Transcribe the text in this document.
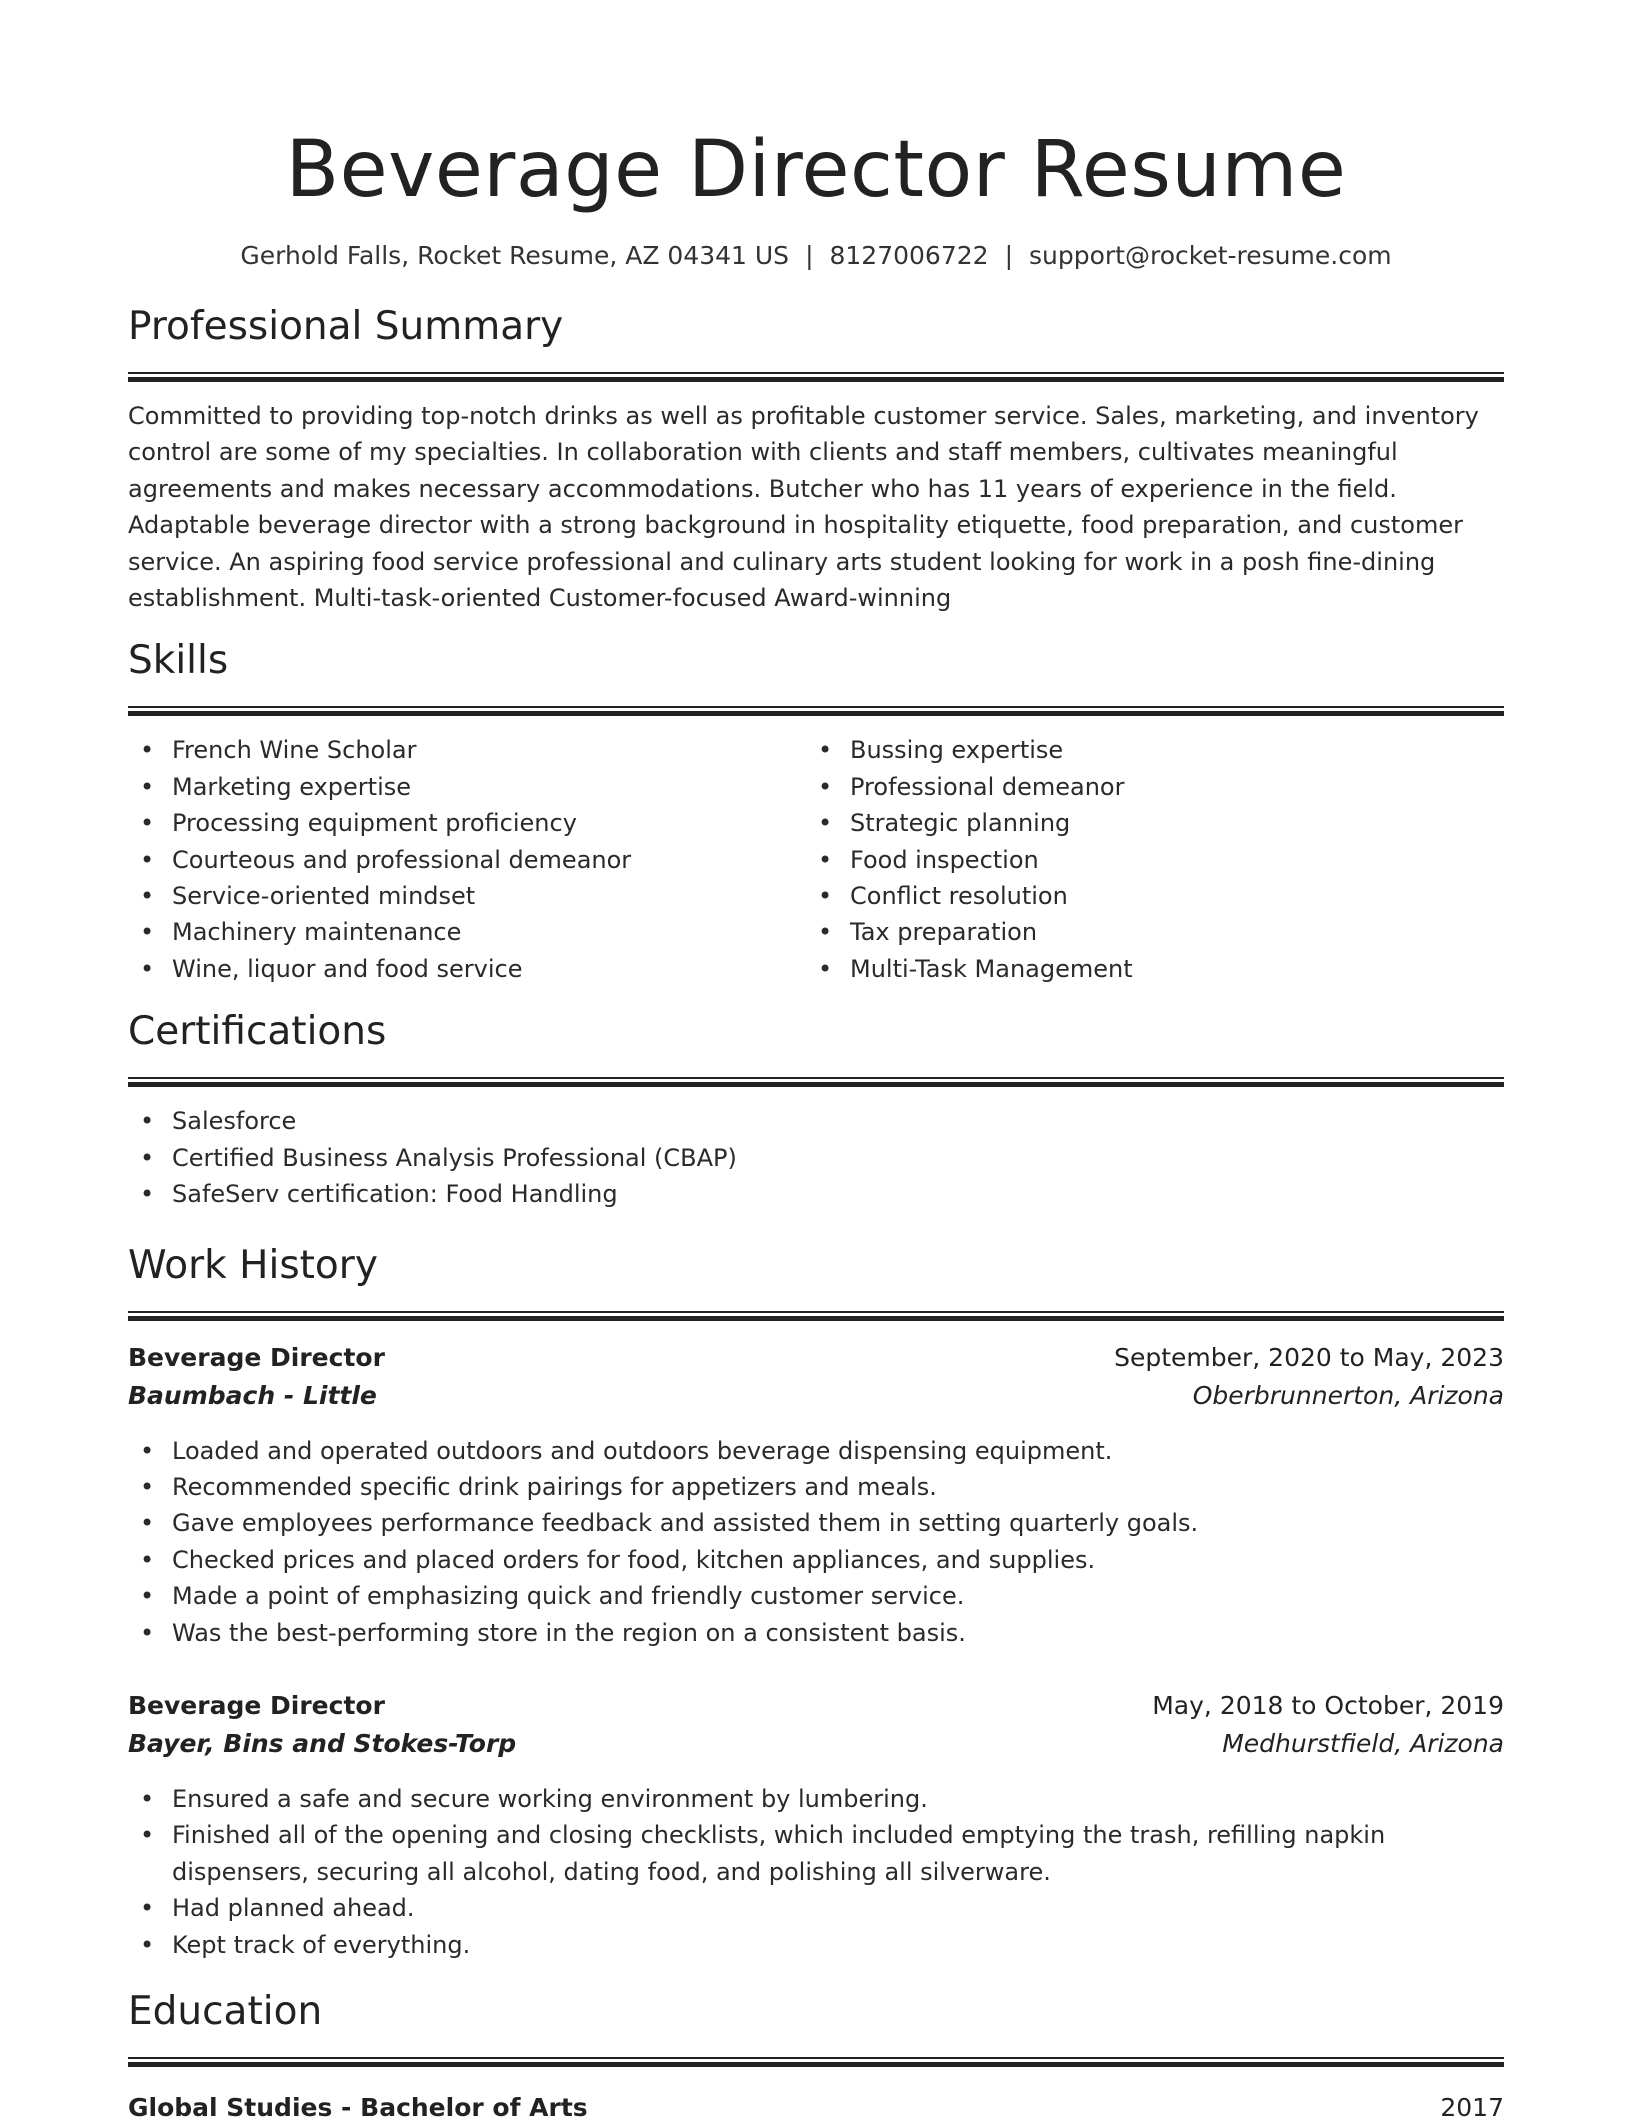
Beverage Director Resume
Gerhold Falls, Rocket Resume, AZ 04341 US | 8127006722 | support@rocket-resume.com
Professional Summary
Committed to providing top-notch drinks as well as profitable customer service. Sales, marketing, and inventory control are some of my specialties. In collaboration with clients and staff members, cultivates meaningful agreements and makes necessary accommodations. Butcher who has 11 years of experience in the field. Adaptable beverage director with a strong background in hospitality etiquette, food preparation, and customer service. An aspiring food service professional and culinary arts student looking for work in a posh fine-dining establishment. Multi-task-oriented Customer-focused Award-winning
Skills
• French Wine Scholar
• Marketing expertise
• Processing equipment proficiency
• Courteous and professional demeanor
• Service-oriented mindset
• Machinery maintenance
• Wine, liquor and food service
• Bussing expertise
• Professional demeanor
• Strategic planning
• Food inspection
• Conflict resolution
• Tax preparation
• Multi-Task Management
Certifications
• Salesforce
• Certified Business Analysis Professional (CBAP)
• SafeServ certification: Food Handling
Work History
Beverage Director	September, 2020 to May, 2023
Baumbach - Little	Oberbrunnerton, Arizona
• Loaded and operated outdoors and outdoors beverage dispensing equipment.
• Recommended specific drink pairings for appetizers and meals.
• Gave employees performance feedback and assisted them in setting quarterly goals.
• Checked prices and placed orders for food, kitchen appliances, and supplies.
• Made a point of emphasizing quick and friendly customer service.
• Was the best-performing store in the region on a consistent basis.
Beverage Director	May, 2018 to October, 2019
Bayer, Bins and Stokes-Torp	Medhurstfield, Arizona
• Ensured a safe and secure working environment by lumbering.
• Finished all of the opening and closing checklists, which included emptying the trash, refilling napkin dispensers, securing all alcohol, dating food, and polishing all silverware.
• Had planned ahead.
• Kept track of everything.
Education
Global Studies - Bachelor of Arts	2017
